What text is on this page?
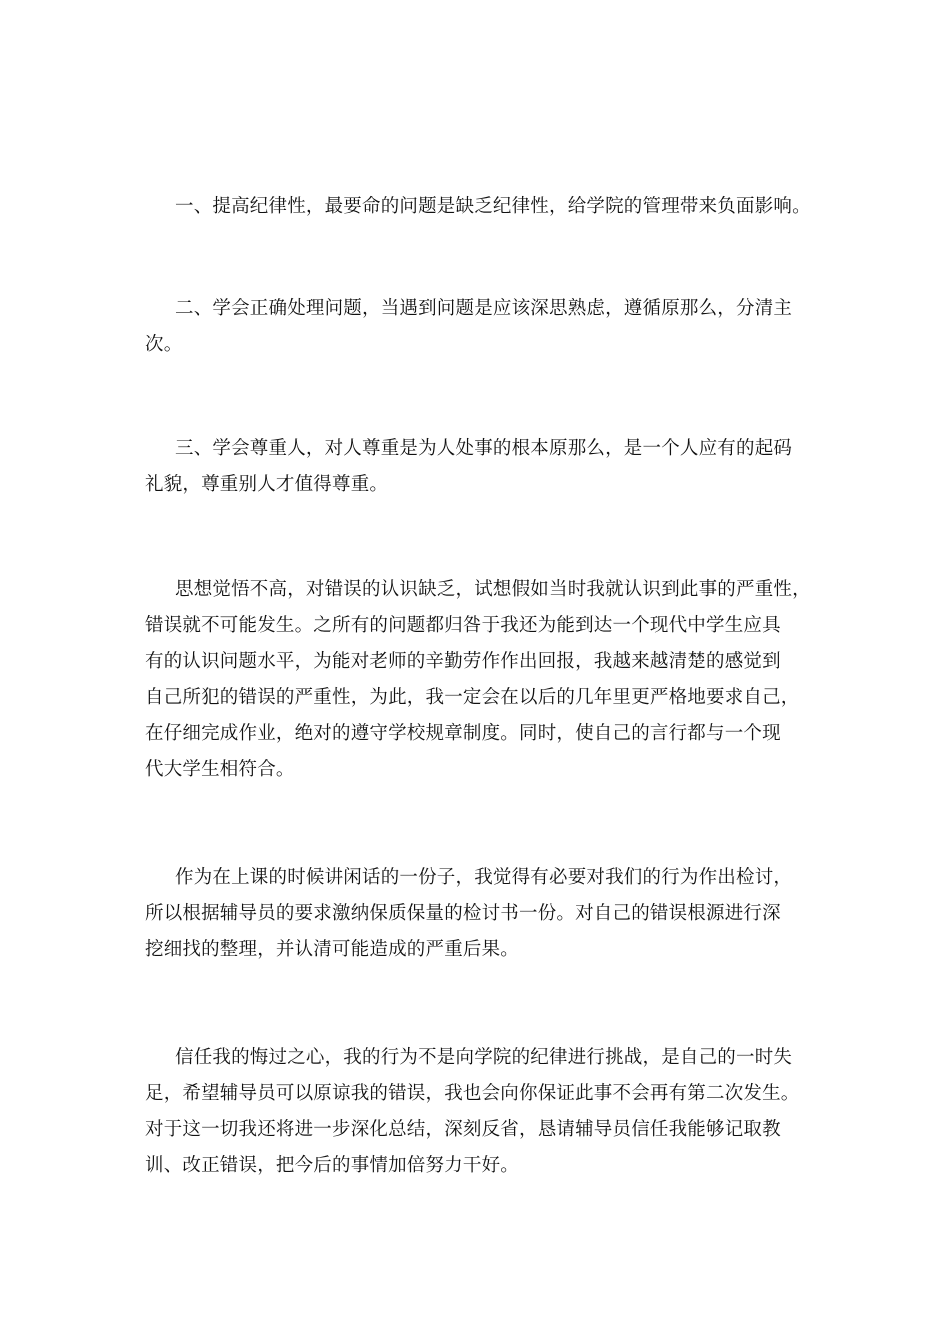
一、提高纪律性，最要命的问题是缺乏纪律性，给学院的管理带来负面影响。
二、学会正确处理问题，当遇到问题是应该深思熟虑，遵循原那么，分清主
次。
三、学会尊重人，对人尊重是为人处事的根本原那么，是一个人应有的起码
礼貌，尊重别人才值得尊重。
思想觉悟不高，对错误的认识缺乏，试想假如当时我就认识到此事的严重性，
错误就不可能发生。之所有的问题都归咎于我还为能到达一个现代中学生应具
有的认识问题水平，为能对老师的辛勤劳作作出回报，我越来越清楚的感觉到
自己所犯的错误的严重性，为此，我一定会在以后的几年里更严格地要求自己，
在仔细完成作业，绝对的遵守学校规章制度。同时，使自己的言行都与一个现
代大学生相符合。
作为在上课的时候讲闲话的一份子，我觉得有必要对我们的行为作出检讨，
所以根据辅导员的要求激纳保质保量的检讨书一份。对自己的错误根源进行深
挖细找的整理，并认清可能造成的严重后果。
信任我的悔过之心，我的行为不是向学院的纪律进行挑战，是自己的一时失
足，希望辅导员可以原谅我的错误，我也会向你保证此事不会再有第二次发生。
对于这一切我还将进一步深化总结，深刻反省，恳请辅导员信任我能够记取教
训、改正错误，把今后的事情加倍努力干好。
